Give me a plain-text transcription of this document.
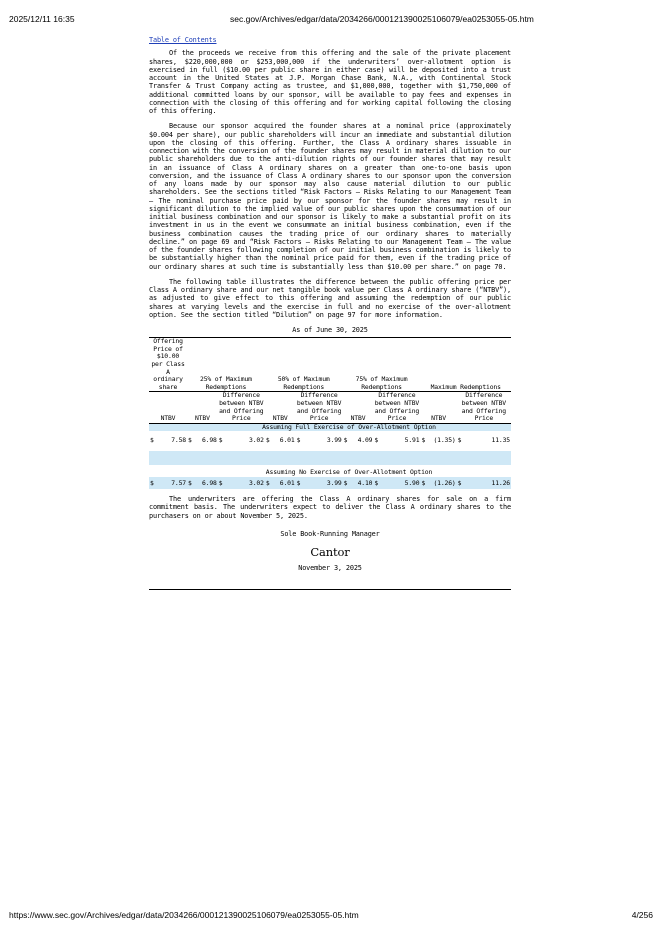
2025/12/11 16:35	sec.gov/Archives/edgar/data/2034266/000121390025106079/ea0253055-05.htm
Table of Contents

Of the proceeds we receive from this offering and the sale of the private placement shares, $220,000,000 or $253,000,000 if the underwriters’ over-allotment option is exercised in full ($10.00 per public share in either case) will be deposited into a trust account in the United States at J.P. Morgan Chase Bank, N.A., with Continental Stock Transfer & Trust Company acting as trustee, and $1,000,000, together with $1,750,000 of additional committed loans by our sponsor, will be available to pay fees and expenses in connection with the closing of this offering and for working capital following the closing of this offering.

Because our sponsor acquired the founder shares at a nominal price (approximately $0.004 per share), our public shareholders will incur an immediate and substantial dilution upon the closing of this offering. Further, the Class A ordinary shares issuable in connection with the conversion of the founder shares may result in material dilution to our public shareholders due to the anti-dilution rights of our founder shares that may result in an issuance of Class A ordinary shares on a greater than one-to-one basis upon conversion, and the issuance of Class A ordinary shares to our sponsor upon the conversion of any loans made by our sponsor may also cause material dilution to our public shareholders. See the sections titled “Risk Factors — Risks Relating to our Management Team — The nominal purchase price paid by our sponsor for the founder shares may result in significant dilution to the implied value of our public shares upon the consummation of our initial business combination and our sponsor is likely to make a substantial profit on its investment in us in the event we consummate an initial business combination, even if the business combination causes the trading price of our ordinary shares to materially decline.” on page 69 and “Risk Factors — Risks Relating to our Management Team — The value of the founder shares following completion of our initial business combination is likely to be substantially higher than the nominal price paid for them, even if the trading price of our ordinary shares at such time is substantially less than $10.00 per share.” on page 70.

The following table illustrates the difference between the public offering price per Class A ordinary share and our net tangible book value per Class A ordinary share (“NTBV”), as adjusted to give effect to this offering and assuming the redemption of our public shares at varying levels and the exercise in full and no exercise of the over-allotment option. See the section titled “Dilution” on page 97 for more information.

As of June 30, 2025
Offering Price of $10.00 per Class A ordinary share	25% of Maximum Redemptions		50% of Maximum Redemptions		75% of Maximum Redemptions		Maximum Redemptions	
NTBV	NTBV	Difference between NTBV and Offering Price	NTBV	Difference between NTBV and Offering Price	NTBV	Difference between NTBV and Offering Price	NTBV	Difference between NTBV and Offering Price
	Assuming Full Exercise of Over-Allotment Option							

$ 7.58	$ 6.98	$ 3.02	$ 6.01	$ 3.99	$ 4.09	$ 5.91	$ (1.35)	$ 11.35

	Assuming No Exercise of Over-Allotment Option							
$ 7.57	$ 6.98	$ 3.02	$ 6.01	$ 3.99	$ 4.10	$ 5.90	$ (1.26)	$ 11.26

The underwriters are offering the Class A ordinary shares for sale on a firm commitment basis. The underwriters expect to deliver the Class A ordinary shares to the purchasers on or about November 5, 2025.

Sole Book-Running Manager
Cantor
November 3, 2025
https://www.sec.gov/Archives/edgar/data/2034266/000121390025106079/ea0253055-05.htm	4/256
